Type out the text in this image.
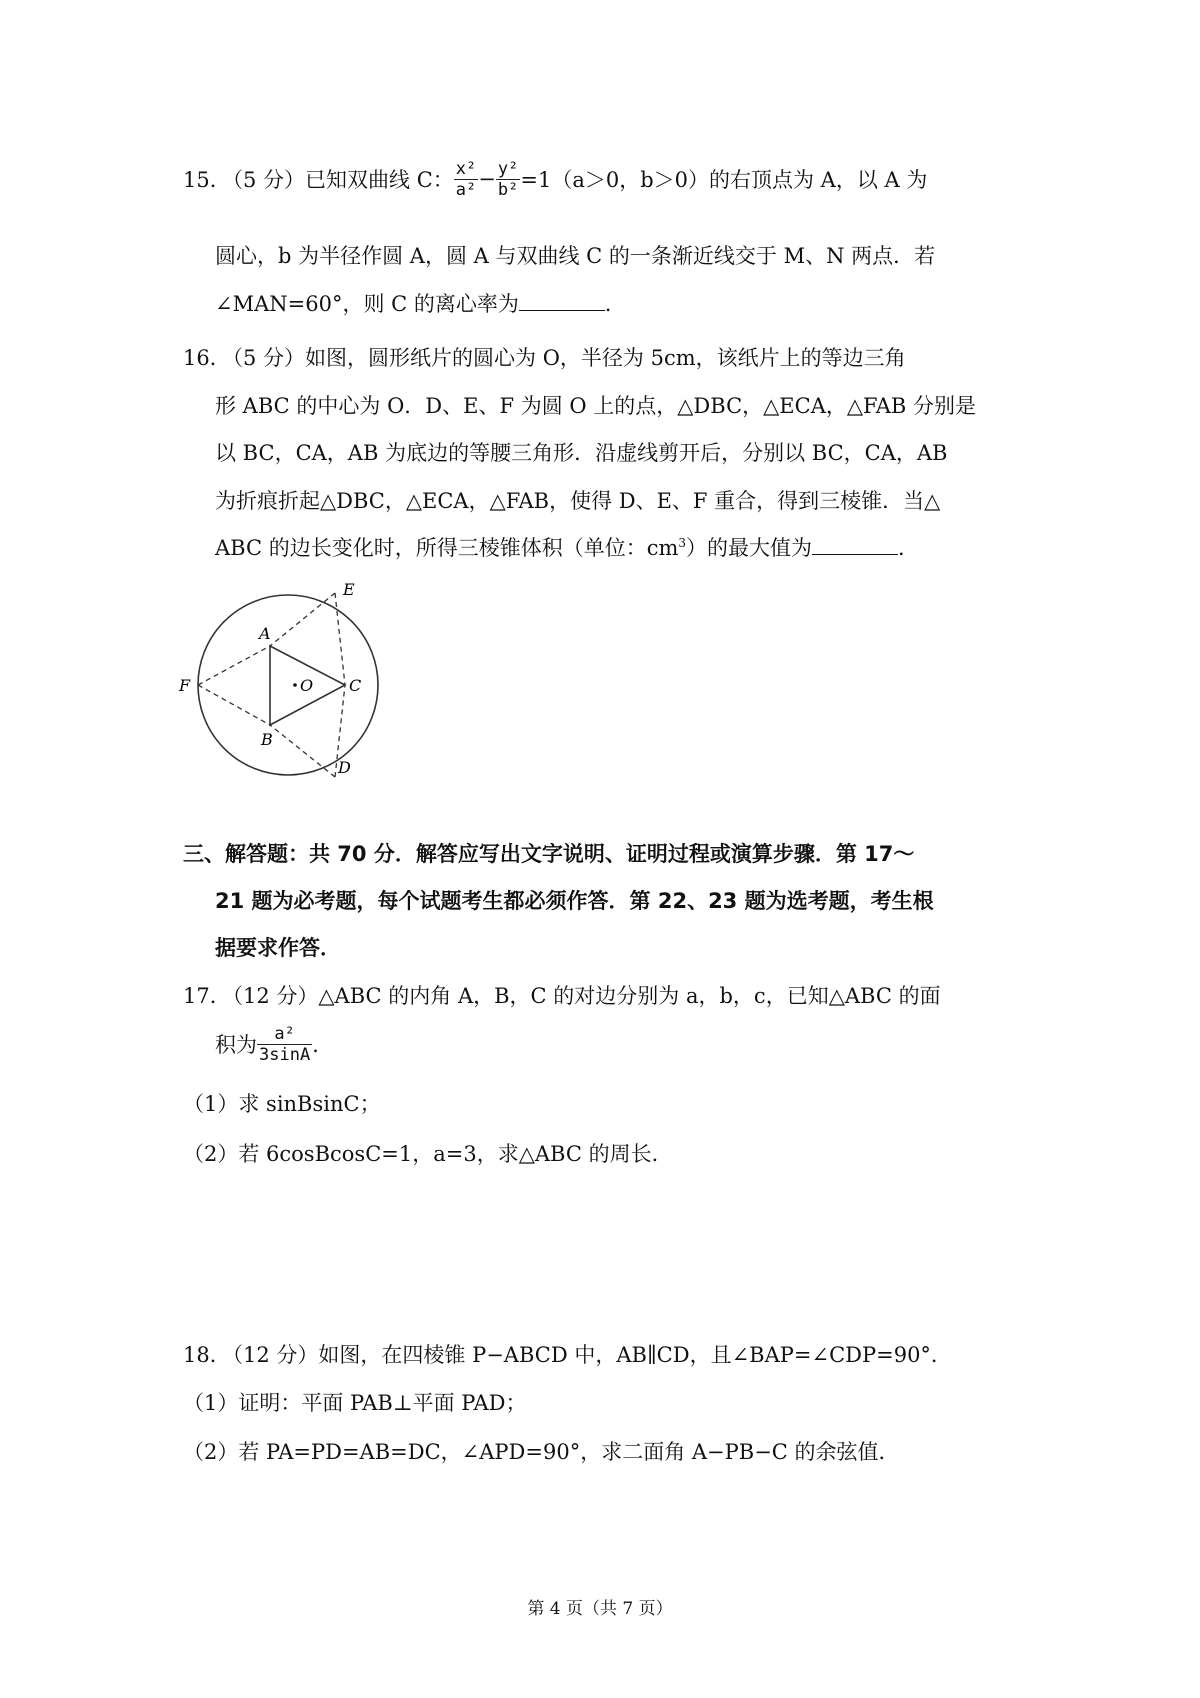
15．
（5 分）已知双曲线 C： $\frac{\text{x²}}{\text{a²}} - \frac{\text{y²}}{\text{b²}} =1(a>0$，b＞0）的右顶点为 A，以 A 为
圆心，b 为半径作圆 A，圆 A 与双曲线 C 的一条渐近线交于 M、N 两点．若
∠MAN=60°，则 C 的离心率为	．
16．
（5 分）如图，圆形纸片的圆心为 O，半径为 5cm，该纸片上的等边三角
形 ABC 的中心为 O．D、E、F 为圆 O 上的点，△DBC，△ECA，△FAB 分别是
以 BC，CA，AB 为底边的等腰三角形．沿虚线剪开后，分别以 BC，CA，AB
为折痕折起△DBC，△ECA，△FAB，使得 D、E、F 重合，得到三棱锥．当△
ABC 的边长变化时，所得三棱锥体积（单位：$cm^3$）的最大值为	．
A
B
C
D
E
F	O
三、解答题：共 70 分．解答应写出文字说明、证明过程或演算步骤．第 17～
21 题为必考题，每个试题考生都必须作答．第 22、23 题为选考题，考生根
据要求作答．
17．
（12 分）△ABC 的内角 A，B，C 的对边分别为 a，b，c，已知△ABC 的面
积为 $\frac{\text{a²}}{3\sin A}$ ．
（1）求 sinBsinC；
（2）若 6cosBcosC=1，a=3，求△ABC 的周长．
18．
（12 分）如图，在四棱锥 P−ABCD 中，AB∥CD，且∠BAP=∠CDP=90°．
（1）证明：平面 PAB⊥平面 PAD；
（2）若 PA=PD=AB=DC，∠APD=90°，求二面角 A−PB−C 的余弦值．
第 4 页（共 7 页）
